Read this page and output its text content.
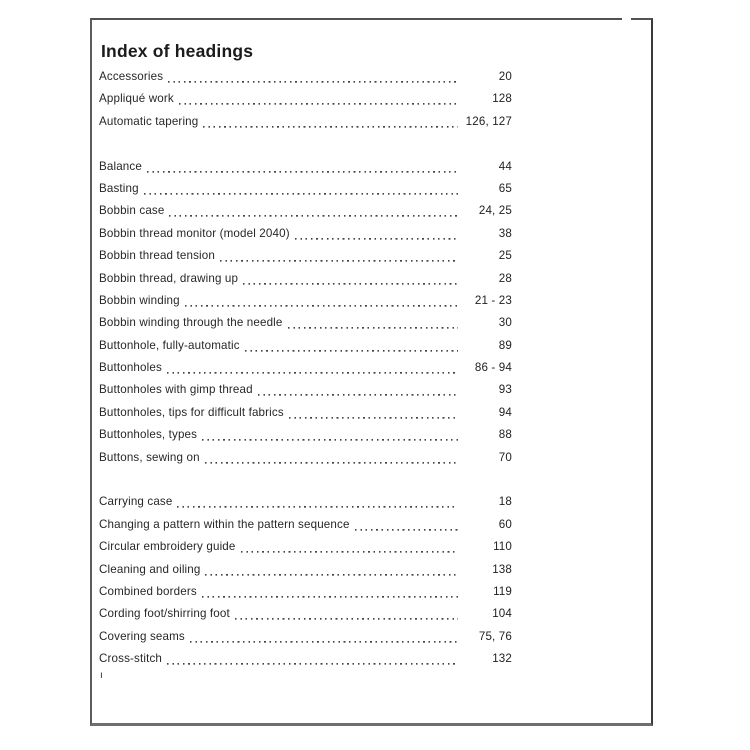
Index of headings
Accessories	20
Appliqué work	128
Automatic tapering	126, 127
Balance	44
Basting	65
Bobbin case	24, 25
Bobbin thread monitor (model 2040)	38
Bobbin thread tension	25
Bobbin thread, drawing up	28
Bobbin winding	21 - 23
Bobbin winding through the needle	30
Buttonhole, fully-automatic	89
Buttonholes	86 - 94
Buttonholes with gimp thread	93
Buttonholes, tips for difficult fabrics	94
Buttonholes, types	88
Buttons, sewing on	70
Carrying case	18
Changing a pattern within the pattern sequence	60
Circular embroidery guide	110
Cleaning and oiling	138
Combined borders	119
Cording foot/shirring foot	104
Covering seams	75, 76
Cross-stitch	132
ı
